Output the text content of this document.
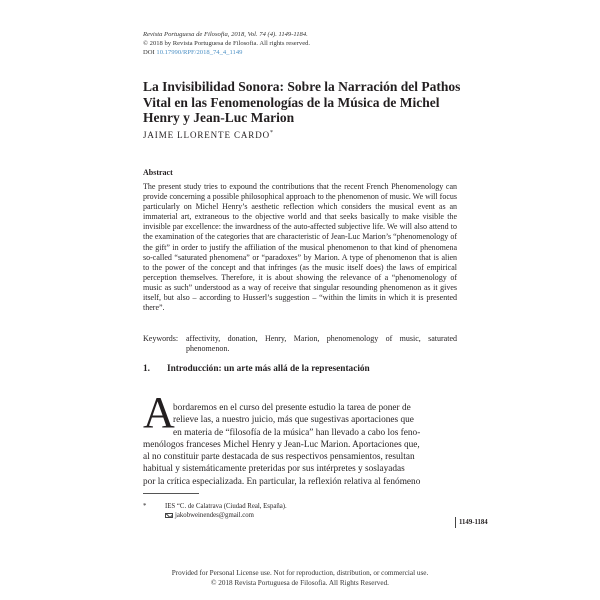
Revista Portuguesa de Filosofia, 2018, Vol. 74 (4). 1149-1184.
© 2018 by Revista Portuguesa de Filosofia. All rights reserved.
DOI 10.17990/RPF/2018_74_4_1149
La Invisibilidad Sonora: Sobre la Narración del Pathos Vital en las Fenomenologías de la Música de Michel Henry y Jean-Luc Marion
JAIME LLORENTE CARDO*
Abstract
The present study tries to expound the contributions that the recent French Phenomenology can provide concerning a possible philosophical approach to the phenomenon of music. We will focus particularly on Michel Henry’s aesthetic reflection which considers the musical event as an immaterial art, extraneous to the objective world and that seeks basically to make visible the invisible par excellence: the inwardness of the auto-affected subjective life. We will also attend to the examination of the categories that are characteristic of Jean-Luc Marion’s “phenomenology of the gift” in order to justify the affiliation of the musical phenomenon to that kind of phenomena so-called “saturated phenomena” or “paradoxes” by Marion. A type of phenomenon that is alien to the power of the concept and that infringes (as the music itself does) the laws of empirical perception themselves. Therefore, it is about showing the relevance of a “phenomenology of music as such” understood as a way of receive that singular resounding phenomenon as it gives itself, but also – according to Husserl’s suggestion – “within the limits in which it is presented there”.
Keywords: affectivity, donation, Henry, Marion, phenomenology of music, saturated phenomenon.
1. Introducción: un arte más allá de la representación
A
bordaremos en el curso del presente estudio la tarea de poner de
relieve las, a nuestro juicio, más que sugestivas aportaciones que
en materia de “filosofía de la música” han llevado a cabo los feno-
menólogos franceses Michel Henry y Jean-Luc Marion. Aportaciones que,
al no constituir parte destacada de sus respectivos pensamientos, resultan
habitual y sistemáticamente preteridas por sus intérpretes y soslayadas
por la crítica especializada. En particular, la reflexión relativa al fenómeno
*	IES “C. de Calatrava (Ciudad Real, España).
jakobweinendes@gmail.com
1149-1184
Provided for Personal License use. Not for reproduction, distribution, or commercial use.
© 2018 Revista Portuguesa de Filosofia. All Rights Reserved.
